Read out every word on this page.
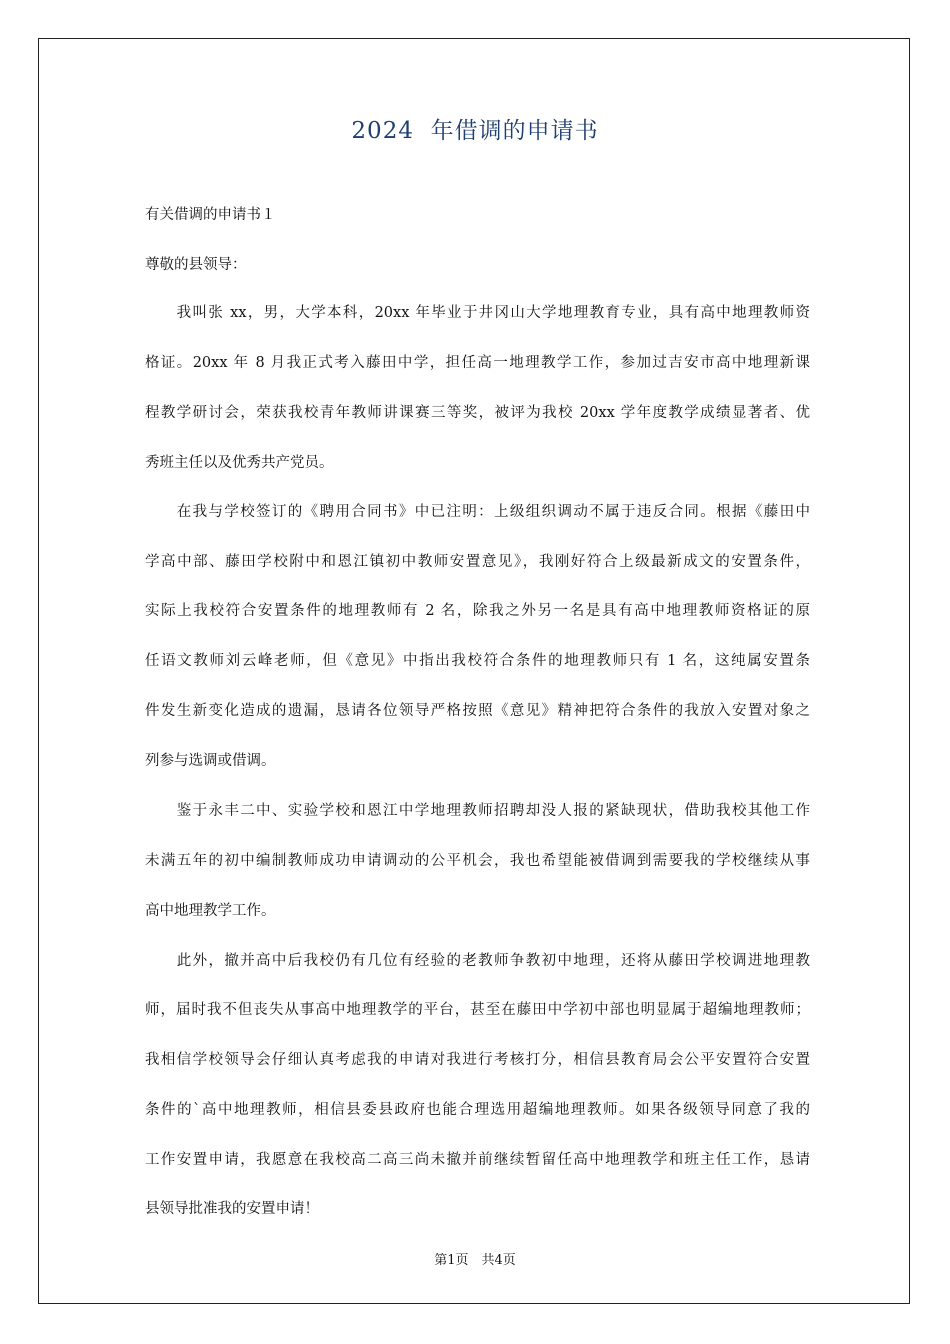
2024  年借调的申请书

有关借调的申请书１

尊敬的县领导：

　　我叫张 xx，男，大学本科，20xx 年毕业于井冈山大学地理教育专业，具有高中地理教师资

格证。20xx 年 8 月我正式考入藤田中学，担任高一地理教学工作，参加过吉安市高中地理新课

程教学研讨会，荣获我校青年教师讲课赛三等奖，被评为我校 20xx 学年度教学成绩显著者、优

秀班主任以及优秀共产党员。

　　在我与学校签订的《聘用合同书》中已注明：上级组织调动不属于违反合同。根据《藤田中

学高中部、藤田学校附中和恩江镇初中教师安置意见》，我刚好符合上级最新成文的安置条件，

实际上我校符合安置条件的地理教师有 2 名，除我之外另一名是具有高中地理教师资格证的原

任语文教师刘云峰老师，但《意见》中指出我校符合条件的地理教师只有 1 名，这纯属安置条

件发生新变化造成的遗漏，恳请各位领导严格按照《意见》精神把符合条件的我放入安置对象之

列参与选调或借调。

　　鉴于永丰二中、实验学校和恩江中学地理教师招聘却没人报的紧缺现状，借助我校其他工作

未满五年的初中编制教师成功申请调动的公平机会，我也希望能被借调到需要我的学校继续从事

高中地理教学工作。

　　此外，撤并高中后我校仍有几位有经验的老教师争教初中地理，还将从藤田学校调进地理教

师，届时我不但丧失从事高中地理教学的平台，甚至在藤田中学初中部也明显属于超编地理教师；

我相信学校领导会仔细认真考虑我的申请对我进行考核打分，相信县教育局会公平安置符合安置

条件的`高中地理教师，相信县委县政府也能合理选用超编地理教师。如果各级领导同意了我的

工作安置申请，我愿意在我校高二高三尚未撤并前继续暂留任高中地理教学和班主任工作，恳请

县领导批准我的安置申请！

第1页　共4页
